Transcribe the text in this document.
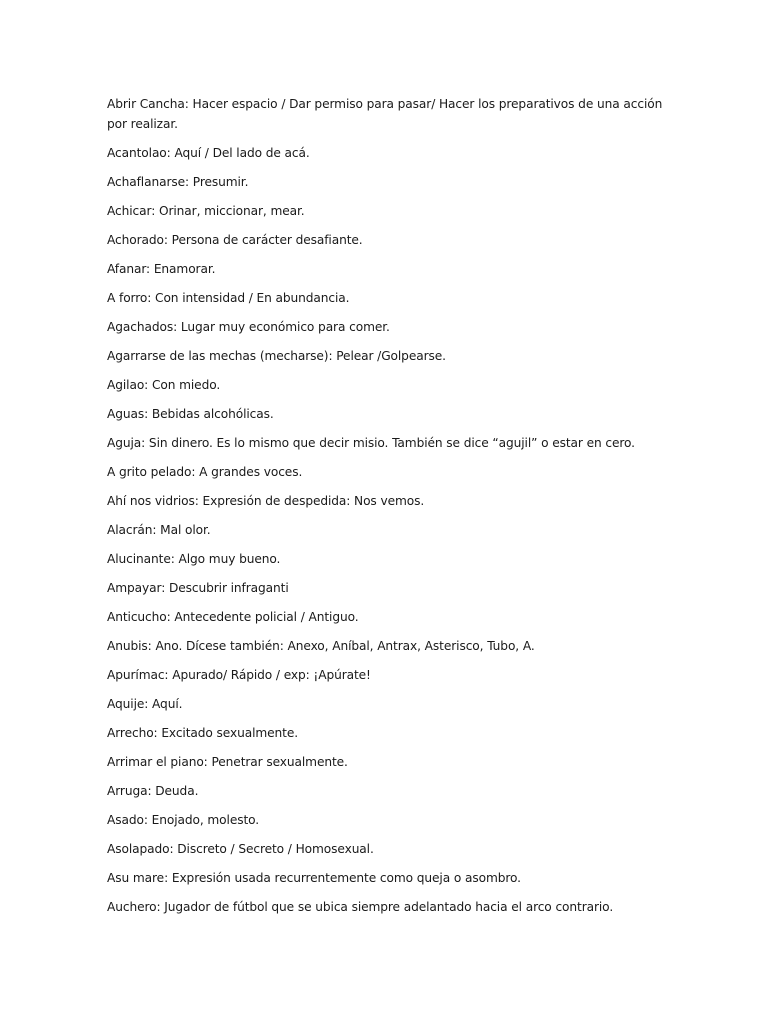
Abrir Cancha: Hacer espacio / Dar permiso para pasar/ Hacer los preparativos de una acción por realizar.
Acantolao: Aquí / Del lado de acá.
Achaflanarse: Presumir.
Achicar: Orinar, miccionar, mear.
Achorado: Persona de carácter desafiante.
Afanar: Enamorar.
A forro: Con intensidad / En abundancia.
Agachados: Lugar muy económico para comer.
Agarrarse de las mechas (mecharse): Pelear /Golpearse.
Agilao: Con miedo.
Aguas: Bebidas alcohólicas.
Aguja: Sin dinero. Es lo mismo que decir misio. También se dice “agujil” o estar en cero.
A grito pelado: A grandes voces.
Ahí nos vidrios: Expresión de despedida: Nos vemos.
Alacrán: Mal olor.
Alucinante: Algo muy bueno.
Ampayar: Descubrir infraganti
Anticucho: Antecedente policial / Antiguo.
Anubis: Ano. Dícese también: Anexo, Aníbal, Antrax, Asterisco, Tubo, A.
Apurímac: Apurado/ Rápido / exp: ¡Apúrate!
Aquije: Aquí.
Arrecho: Excitado sexualmente.
Arrimar el piano: Penetrar sexualmente.
Arruga: Deuda.
Asado: Enojado, molesto.
Asolapado: Discreto / Secreto / Homosexual.
Asu mare: Expresión usada recurrentemente como queja o asombro.
Auchero: Jugador de fútbol que se ubica siempre adelantado hacia el arco contrario.
